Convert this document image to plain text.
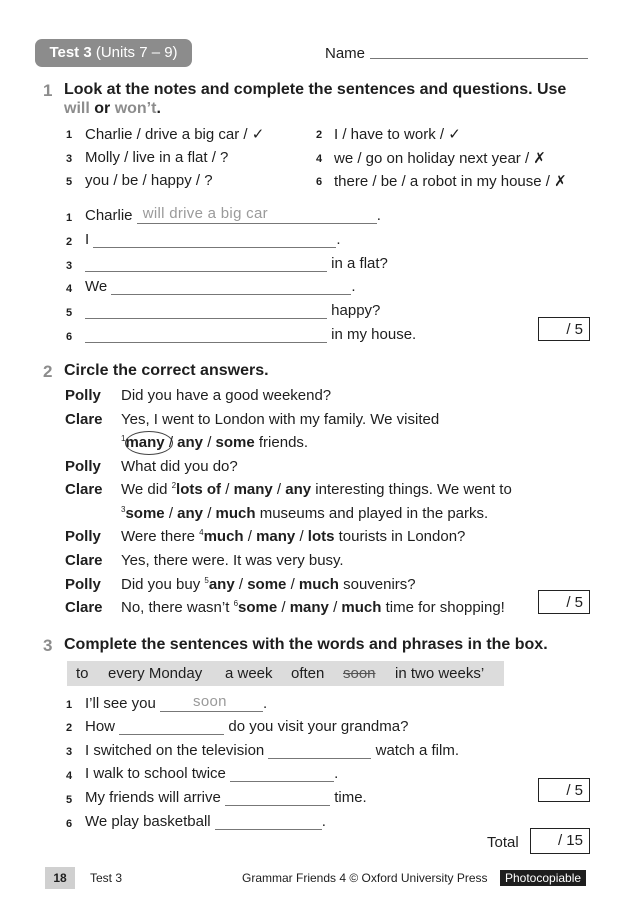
Test 3 (Units 7 – 9)	Name
1 Look at the notes and complete the sentences and questions. Use
will or won’t.
1 Charlie / drive a big car / ✓	2 I / have to work / ✓
3 Molly / live in a flat / ?	4 we / go on holiday next year / ✗
5 you / be / happy / ?	6 there / be / a robot in my house / ✗
1 Charlie will drive a big car	.
2 I	.
3	in a flat?
4 We	.
5	happy?
6	in my house.	/ 5
2 Circle the correct answers.
Polly Did you have a good weekend?
Clare Yes, I went to London with my family. We visited
$^1$many / any / some friends.
Polly What did you do?
Clare We did $^2$lots of / many / any interesting things. We went to
$^3$some / any / much museums and played in the parks.
Polly Were there $^4$much / many / lots tourists in London?
Clare Yes, there were. It was very busy.
Polly Did you buy $^5$any / some / much souvenirs?
Clare No, there wasn’t $^6$some / many / much time for shopping!	/ 5
3 Complete the sentences with the words and phrases in the box.
to every Monday a week often soon in two weeks’
1 I’ll see you soon .
2 How	do you visit your grandma?
3 I switched on the television	watch a film.
4 I walk to school twice	.
5 My friends will arrive	time.
6 We play basketball	.
/ 5
Total	/ 15
18	Test 3	Grammar Friends 4 © Oxford University Press	Photocopiable
